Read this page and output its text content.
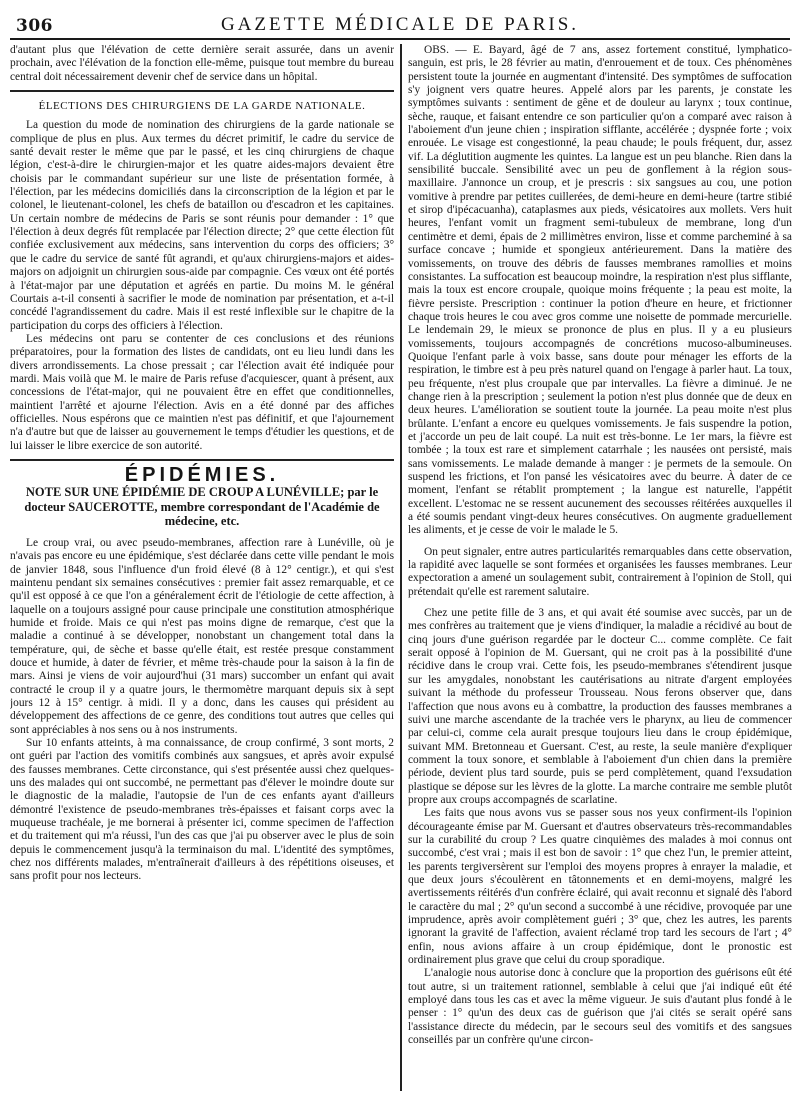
306	GAZETTE MÉDICALE DE PARIS.

d'autant plus que l'élévation de cette dernière serait assurée, dans un avenir prochain, avec l'élévation de la fonction elle-même, puisque tout membre du bureau central doit nécessairement devenir chef de service dans un hôpital.

ÉLECTIONS DES CHIRURGIENS DE LA GARDE NATIONALE.

La question du mode de nomination des chirurgiens de la garde nationale se complique de plus en plus. Aux termes du décret primitif, le cadre du service de santé devait rester le même que par le passé, et les cinq chirurgiens de chaque légion, c'est-à-dire le chirurgien-major et les quatre aides-majors devaient être choisis par le commandant supérieur sur une liste de présentation formée, à l'élection, par les médecins domiciliés dans la circonscription de la légion et par le colonel, le lieutenant-colonel, les chefs de bataillon ou d'escadron et les capitaines. Un certain nombre de médecins de Paris se sont réunis pour demander : 1° que l'élection à deux degrés fût remplacée par l'élection directe; 2° que cette élection fût confiée exclusivement aux médecins, sans intervention du corps des officiers; 3° que le cadre du service de santé fût agrandi, et qu'aux chirurgiens-majors et aides-majors on adjoignit un chirurgien sous-aide par compagnie. Ces vœux ont été portés à l'état-major par une députation et agréés en partie. Du moins M. le général Courtais a-t-il consenti à sacrifier le mode de nomination par présentation, et a-t-il concédé l'agrandissement du cadre. Mais il est resté inflexible sur le chapitre de la participation du corps des officiers à l'élection.

Les médecins ont paru se contenter de ces conclusions et des réunions préparatoires, pour la formation des listes de candidats, ont eu lieu lundi dans les divers arrondissements. La chose pressait ; car l'élection avait été indiquée pour mardi. Mais voilà que M. le maire de Paris refuse d'acquiescer, quant à présent, aux concessions de l'état-major, qui ne pouvaient être en effet que conditionnelles, maintient l'arrêté et ajourne l'élection. Avis en a été donné par des affiches officielles. Nous espérons que ce maintien n'est pas définitif, et que l'ajournement n'a d'autre but que de laisser au gouvernement le temps d'étudier les questions, et de lui laisser le libre exercice de son autorité.

ÉPIDÉMIES.
NOTE SUR UNE ÉPIDÉMIE DE CROUP A LUNÉVILLE; par le docteur SAUCEROTTE, membre correspondant de l'Académie de médecine, etc.

Le croup vrai, ou avec pseudo-membranes, affection rare à Lunéville, où je n'avais pas encore eu une épidémique, s'est déclarée dans cette ville pendant le mois de janvier 1848, sous l'influence d'un froid élevé (8 à 12° centigr.), et qui s'est maintenu pendant six semaines consécutives : premier fait assez remarquable, et ce qu'il est opposé à ce que l'on a généralement écrit de l'étiologie de cette affection, à laquelle on a toujours assigné pour cause principale une constitution atmosphérique humide et froide. Mais ce qui n'est pas moins digne de remarque, c'est que la maladie a continué à se développer, nonobstant un changement total dans la température, qui, de sèche et basse qu'elle était, est restée presque constamment douce et humide, à dater de février, et même très-chaude pour la saison à la fin de mars. Ainsi je viens de voir aujourd'hui (31 mars) succomber un enfant qui avait contracté le croup il y a quatre jours, le thermomètre marquant depuis six à sept jours 12 à 15° centigr. à midi. Il y a donc, dans les causes qui président au développement des affections de ce genre, des conditions tout autres que celles qui sont appréciables à nos sens ou à nos instruments.

Sur 10 enfants atteints, à ma connaissance, de croup confirmé, 3 sont morts, 2 ont guéri par l'action des vomitifs combinés aux sangsues, et après avoir expulsé des fausses membranes. Cette circonstance, qui s'est présentée aussi chez quelques-uns des malades qui ont succombé, ne permettant pas d'élever le moindre doute sur le diagnostic de la maladie, l'autopsie de l'un de ces enfants ayant d'ailleurs démontré l'existence de pseudo-membranes très-épaisses et faisant corps avec la muqueuse trachéale, je me bornerai à présenter ici, comme specimen de l'affection et du traitement qui m'a réussi, l'un des cas que j'ai pu observer avec le plus de soin depuis le commencement jusqu'à la terminaison du mal. L'identité des symptômes, chez nos différents malades, m'entraînerait d'ailleurs à des répétitions oiseuses, et sans profit pour nos lecteurs.

OBS. — E. Bayard, âgé de 7 ans, assez fortement constitué, lymphatico-sanguin, est pris, le 28 février au matin, d'enrouement et de toux. Ces phénomènes persistent toute la journée en augmentant d'intensité. Des symptômes de suffocation s'y joignent vers quatre heures. Appelé alors par les parents, je constate les symptômes suivants : sentiment de gêne et de douleur au larynx ; toux continue, sèche, rauque, et faisant entendre ce son particulier qu'on a comparé avec raison à l'aboiement d'un jeune chien ; inspiration sifflante, accélérée ; dyspnée forte ; voix enrouée. Le visage est congestionné, la peau chaude; le pouls fréquent, dur, assez vif. La déglutition augmente les quintes. La langue est un peu blanche. Rien dans la sensibilité buccale. Sensibilité avec un peu de gonflement à la région sous-maxillaire. J'annonce un croup, et je prescris : six sangsues au cou, une potion vomitive à prendre par petites cuillerées, de demi-heure en demi-heure (tartre stibié et sirop d'ipécacuanha), cataplasmes aux pieds, vésicatoires aux mollets. Vers huit heures, l'enfant vomit un fragment semi-tubuleux de membrane, long d'un centimètre et demi, épais de 2 millimètres environ, lisse et comme parcheminé à sa surface concave ; humide et spongieux antérieurement. Dans la matière des vomissements, on trouve des débris de fausses membranes ramollies et moins consistantes. La suffocation est beaucoup moindre, la respiration n'est plus sifflante, mais la toux est encore croupale, quoique moins fréquente ; la peau est moite, la fièvre persiste. Prescription : continuer la potion d'heure en heure, et frictionner chaque trois heures le cou avec gros comme une noisette de pommade mercurielle. Le lendemain 29, le mieux se prononce de plus en plus. Il y a eu plusieurs vomissements, toujours accompagnés de concrétions mucoso-albumineuses. Quoique l'enfant parle à voix basse, sans doute pour ménager les efforts de la respiration, le timbre est à peu près naturel quand on l'engage à parler haut. La toux, peu fréquente, n'est plus croupale que par intervalles. La fièvre a diminué. Je ne change rien à la prescription ; seulement la potion n'est plus donnée que de deux en deux heures. L'amélioration se soutient toute la journée. La peau moite n'est plus brûlante. L'enfant a encore eu quelques vomissements. Je fais suspendre la potion, et j'accorde un peu de lait coupé. La nuit est très-bonne. Le 1er mars, la fièvre est tombée ; la toux est rare et simplement catarrhale ; les nausées ont persisté, mais sans vomissements. Le malade demande à manger : je permets de la semoule. On suspend les frictions, et l'on pansé les vésicatoires avec du beurre. À dater de ce moment, l'enfant se rétablit promptement ; la langue est naturelle, l'appétit excellent. L'estomac ne se ressent aucunement des secousses réitérées auxquelles il a été soumis pendant vingt-deux heures consécutives. On augmente graduellement les aliments, et je cesse de voir le malade le 5.

On peut signaler, entre autres particularités remarquables dans cette observation, la rapidité avec laquelle se sont formées et organisées les fausses membranes. Leur expectoration a amené un soulagement subit, contrairement à l'opinion de Stoll, qui prétendait qu'elle est rarement salutaire.

Chez une petite fille de 3 ans, et qui avait été soumise avec succès, par un de mes confrères au traitement que je viens d'indiquer, la maladie a récidivé au bout de cinq jours d'une guérison regardée par le docteur C... comme complète. Ce fait serait opposé à l'opinion de M. Guersant, qui ne croit pas à la possibilité d'une récidive dans le croup vrai. Cette fois, les pseudo-membranes s'étendirent jusque sur les amygdales, nonobstant les cautérisations au nitrate d'argent employées suivant la méthode du professeur Trousseau. Nous ferons observer que, dans l'affection que nous avons eu à combattre, la production des fausses membranes a suivi une marche ascendante de la trachée vers le pharynx, au lieu de commencer par celui-ci, comme cela aurait presque toujours lieu dans le croup épidémique, suivant MM. Bretonneau et Guersant. C'est, au reste, la seule manière d'expliquer comment la toux sonore, et semblable à l'aboiement d'un chien dans la première période, devient plus tard sourde, puis se perd complètement, quand l'exsudation plastique se dépose sur les lèvres de la glotte. La marche contraire me semble plutôt propre aux croups accompagnés de scarlatine.

Les faits que nous avons vus se passer sous nos yeux confirment-ils l'opinion décourageante émise par M. Guersant et d'autres observateurs très-recommandables sur la curabilité du croup ? Les quatre cinquièmes des malades à moi connus ont succombé, c'est vrai ; mais il est bon de savoir : 1° que chez l'un, le premier atteint, les parents tergiversèrent sur l'emploi des moyens propres à enrayer la maladie, et que deux jours s'écoulèrent en tâtonnements et en demi-moyens, malgré les avertissements réitérés d'un confrère éclairé, qui avait reconnu et signalé dès l'abord le caractère du mal ; 2° qu'un second a succombé à une récidive, provoquée par une imprudence, après avoir complètement guéri ; 3° que, chez les autres, les parents ignorant la gravité de l'affection, avaient réclamé trop tard les secours de l'art ; 4° enfin, nous avions affaire à un croup épidémique, dont le pronostic est ordinairement plus grave que celui du croup sporadique.

L'analogie nous autorise donc à conclure que la proportion des guérisons eût été tout autre, si un traitement rationnel, semblable à celui que j'ai indiqué eût été employé dans tous les cas et avec la même vigueur. Je suis d'autant plus fondé à le penser : 1° qu'un des deux cas de guérison que j'ai cités se serait opéré sans l'assistance directe du médecin, par le secours seul des vomitifs et des sangsues conseillés par un confrère qu'une circon-
